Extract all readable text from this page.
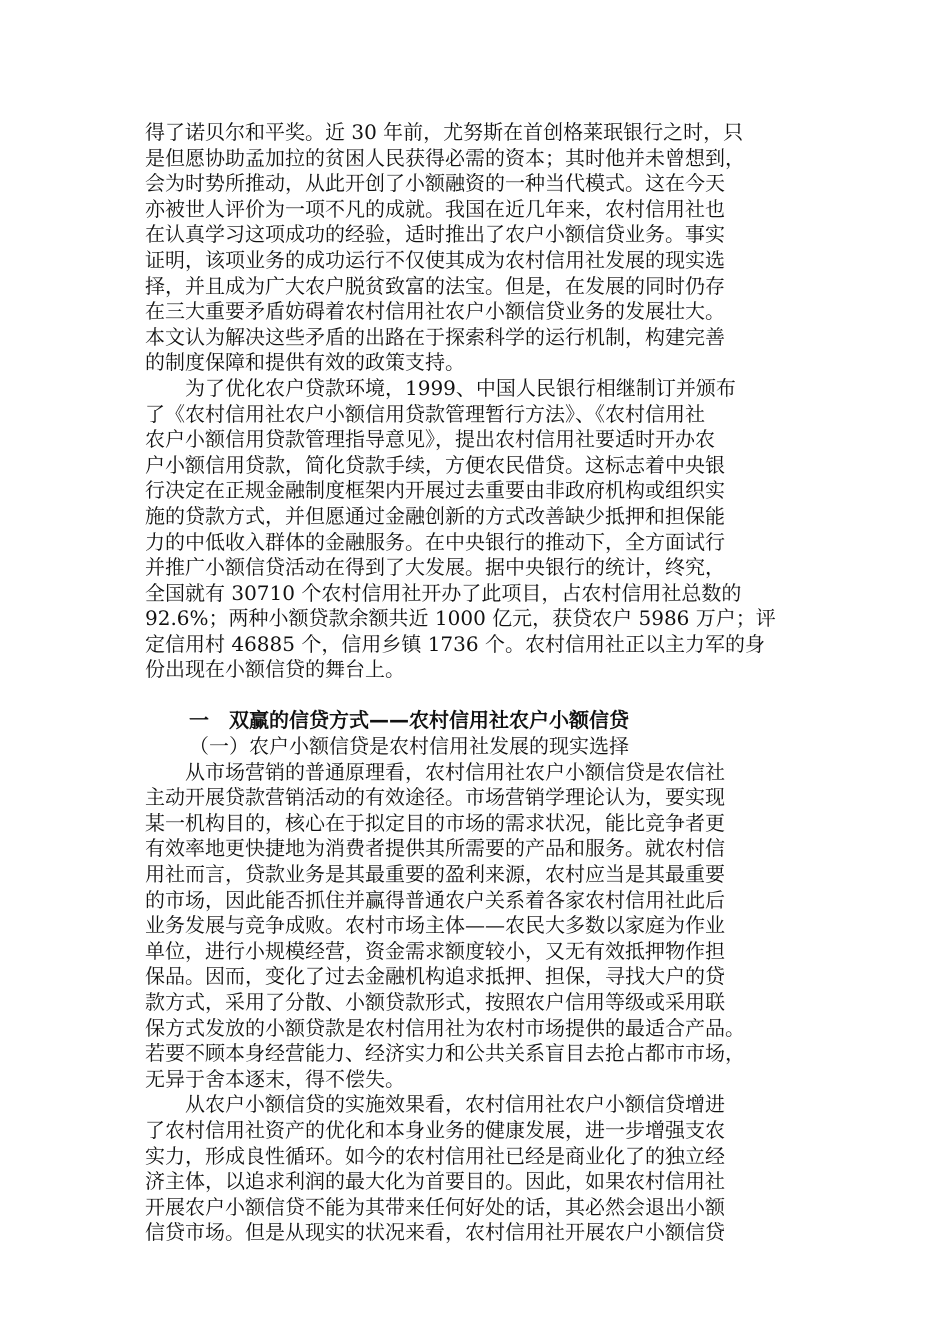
得了诺贝尔和平奖。近 30 年前，尤努斯在首创格莱珉银行之时，只
是但愿协助孟加拉的贫困人民获得必需的资本；其时他并未曾想到，
会为时势所推动，从此开创了小额融资的一种当代模式。这在今天
亦被世人评价为一项不凡的成就。我国在近几年来，农村信用社也
在认真学习这项成功的经验，适时推出了农户小额信贷业务。事实
证明，该项业务的成功运行不仅使其成为农村信用社发展的现实选
择，并且成为广大农户脱贫致富的法宝。但是，在发展的同时仍存
在三大重要矛盾妨碍着农村信用社农户小额信贷业务的发展壮大。
本文认为解决这些矛盾的出路在于探索科学的运行机制，构建完善
的制度保障和提供有效的政策支持。
　　为了优化农户贷款环境，1999、中国人民银行相继制订并颁布
了《农村信用社农户小额信用贷款管理暂行方法》、《农村信用社
农户小额信用贷款管理指导意见》，提出农村信用社要适时开办农
户小额信用贷款，简化贷款手续，方便农民借贷。这标志着中央银
行决定在正规金融制度框架内开展过去重要由非政府机构或组织实
施的贷款方式，并但愿通过金融创新的方式改善缺少抵押和担保能
力的中低收入群体的金融服务。在中央银行的推动下，全方面试行
并推广小额信贷活动在得到了大发展。据中央银行的统计，终究，
全国就有 30710 个农村信用社开办了此项目，占农村信用社总数的
92.6%；两种小额贷款余额共近 1000 亿元，获贷农户 5986 万户；评
定信用村 46885 个，信用乡镇 1736 个。农村信用社正以主力军的身
份出现在小额信贷的舞台上。
一　双赢的信贷方式——农村信用社农户小额信贷
（一）农户小额信贷是农村信用社发展的现实选择
　　从市场营销的普通原理看，农村信用社农户小额信贷是农信社
主动开展贷款营销活动的有效途径。市场营销学理论认为，要实现
某一机构目的，核心在于拟定目的市场的需求状况，能比竞争者更
有效率地更快捷地为消费者提供其所需要的产品和服务。就农村信
用社而言，贷款业务是其最重要的盈利来源，农村应当是其最重要
的市场，因此能否抓住并赢得普通农户关系着各家农村信用社此后
业务发展与竞争成败。农村市场主体——农民大多数以家庭为作业
单位，进行小规模经营，资金需求额度较小，又无有效抵押物作担
保品。因而，变化了过去金融机构追求抵押、担保，寻找大户的贷
款方式，采用了分散、小额贷款形式，按照农户信用等级或采用联
保方式发放的小额贷款是农村信用社为农村市场提供的最适合产品。
若要不顾本身经营能力、经济实力和公共关系盲目去抢占都市市场，
无异于舍本逐末，得不偿失。
　　从农户小额信贷的实施效果看，农村信用社农户小额信贷增进
了农村信用社资产的优化和本身业务的健康发展，进一步增强支农
实力，形成良性循环。如今的农村信用社已经是商业化了的独立经
济主体，以追求利润的最大化为首要目的。因此，如果农村信用社
开展农户小额信贷不能为其带来任何好处的话，其必然会退出小额
信贷市场。但是从现实的状况来看，农村信用社开展农户小额信贷
